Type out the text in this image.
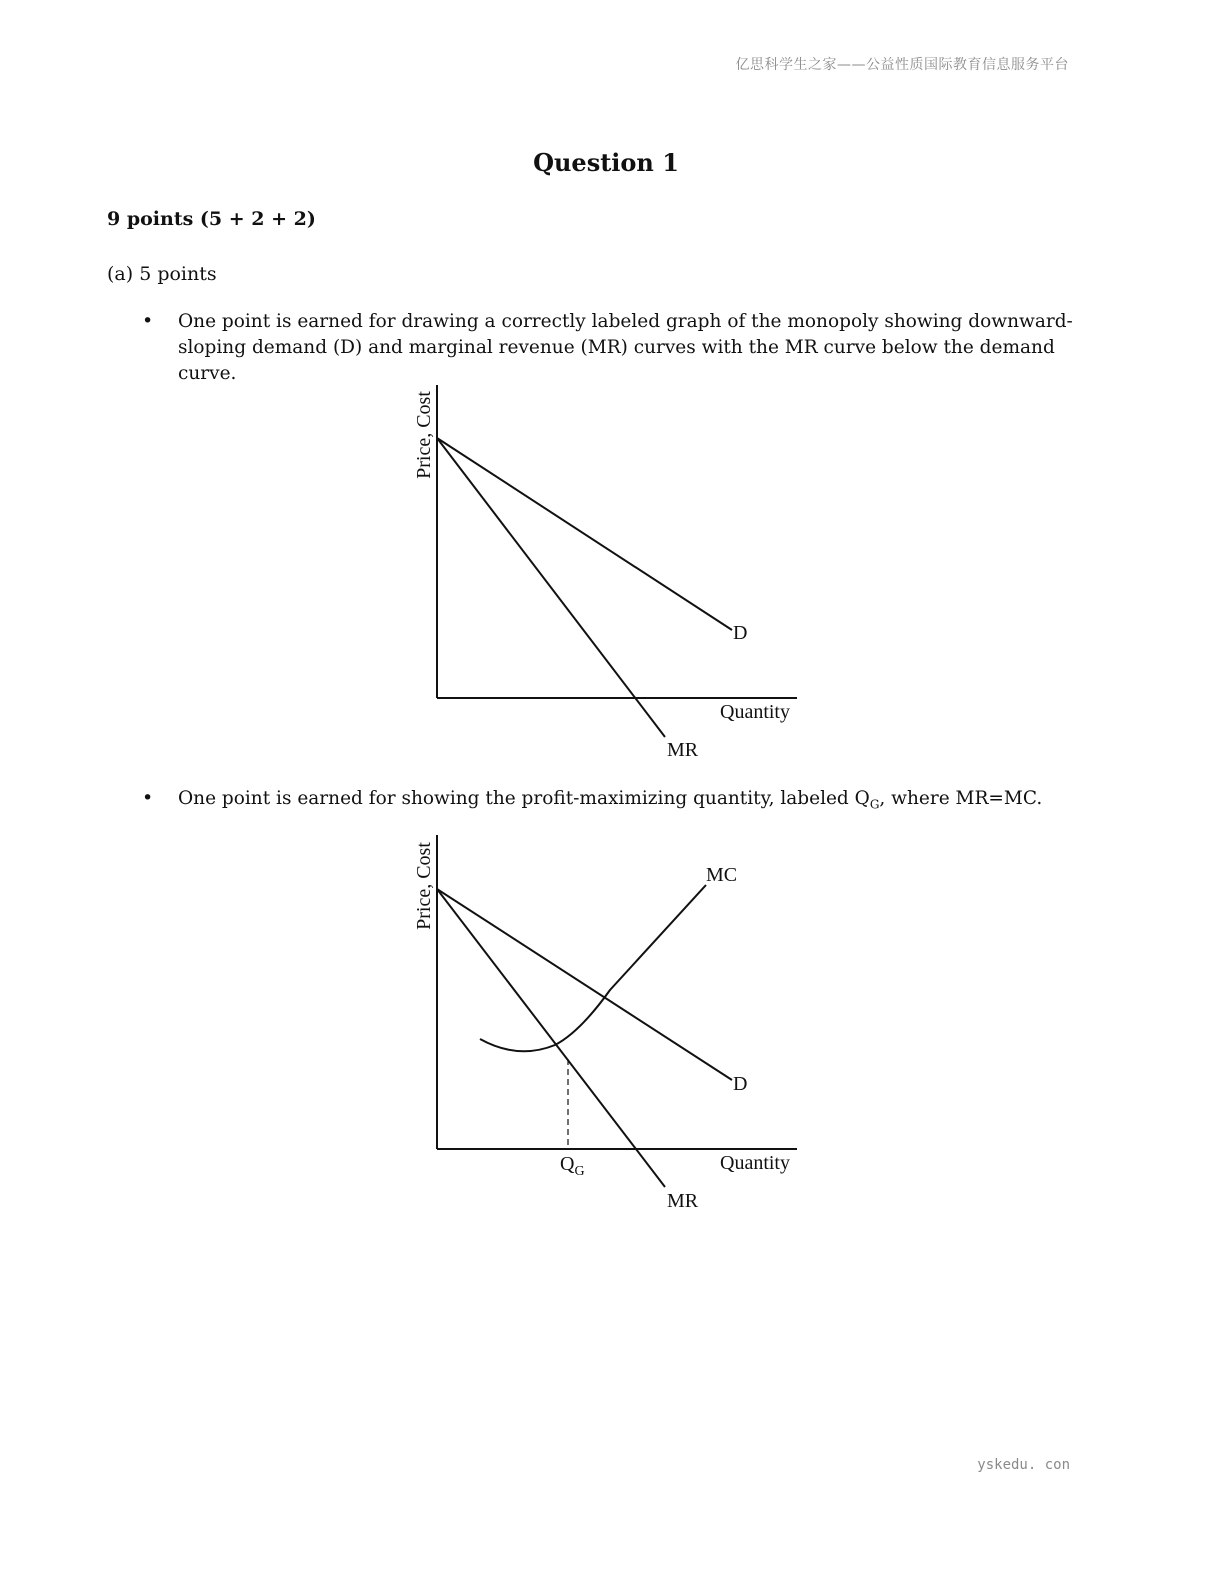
亿思科学生之家——公益性质国际教育信息服务平台
Question 1
9 points (5 + 2 + 2)
(a) 5 points
• One point is earned for drawing a correctly labeled graph of the monopoly showing downward-sloping demand (D) and marginal revenue (MR) curves with the MR curve below the demand curve.
Price, Cost
D
Quantity
MR
• One point is earned for showing the profit-maximizing quantity, labeled $Q_G$, where MR=MC.
Price, Cost	MC
D
Quantity
$Q_G$
MR
yskedu. con
